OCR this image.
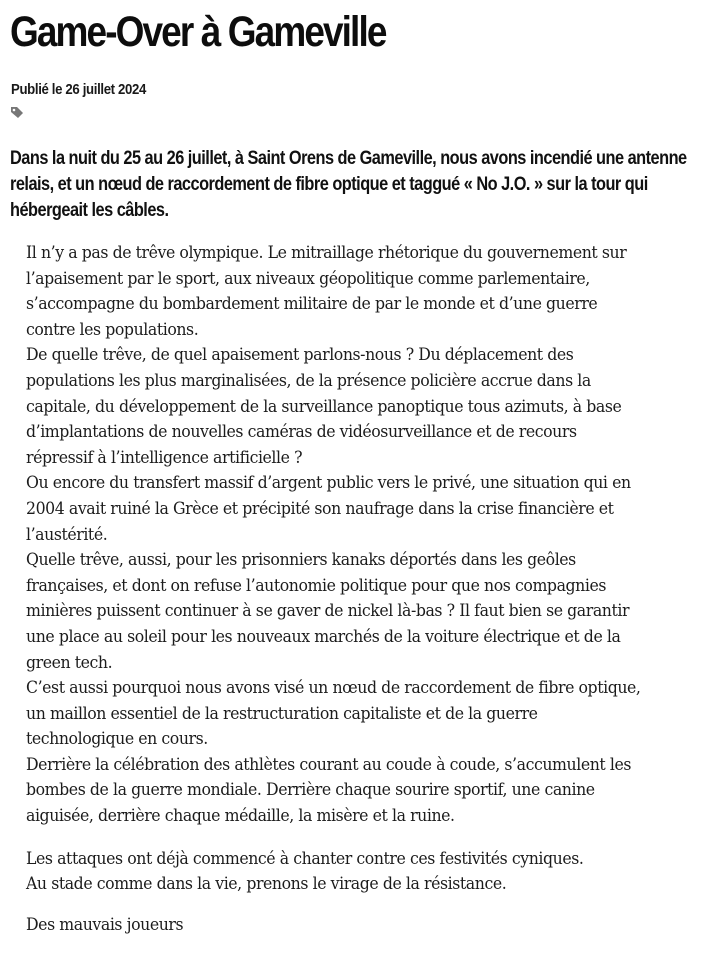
Game-Over à Gameville
Publié le 26 juillet 2024
Dans la nuit du 25 au 26 juillet, à Saint Orens de Gameville, nous avons incendié une antenne
relais, et un nœud de raccordement de fibre optique et taggué « No J.O. » sur la tour qui
hébergeait les câbles.
Il n’y a pas de trêve olympique. Le mitraillage rhétorique du gouvernement sur
l’apaisement par le sport, aux niveaux géopolitique comme parlementaire,
s’accompagne du bombardement militaire de par le monde et d’une guerre
contre les populations.
De quelle trêve, de quel apaisement parlons-nous ? Du déplacement des
populations les plus marginalisées, de la présence policière accrue dans la
capitale, du développement de la surveillance panoptique tous azimuts, à base
d’implantations de nouvelles caméras de vidéosurveillance et de recours
répressif à l’intelligence artificielle ?
Ou encore du transfert massif d’argent public vers le privé, une situation qui en
2004 avait ruiné la Grèce et précipité son naufrage dans la crise financière et
l’austérité.
Quelle trêve, aussi, pour les prisonniers kanaks déportés dans les geôles
françaises, et dont on refuse l’autonomie politique pour que nos compagnies
minières puissent continuer à se gaver de nickel là-bas ? Il faut bien se garantir
une place au soleil pour les nouveaux marchés de la voiture électrique et de la
green tech.
C’est aussi pourquoi nous avons visé un nœud de raccordement de fibre optique,
un maillon essentiel de la restructuration capitaliste et de la guerre
technologique en cours.
Derrière la célébration des athlètes courant au coude à coude, s’accumulent les
bombes de la guerre mondiale. Derrière chaque sourire sportif, une canine
aiguisée, derrière chaque médaille, la misère et la ruine.
Les attaques ont déjà commencé à chanter contre ces festivités cyniques.
Au stade comme dans la vie, prenons le virage de la résistance.
Des mauvais joueurs
